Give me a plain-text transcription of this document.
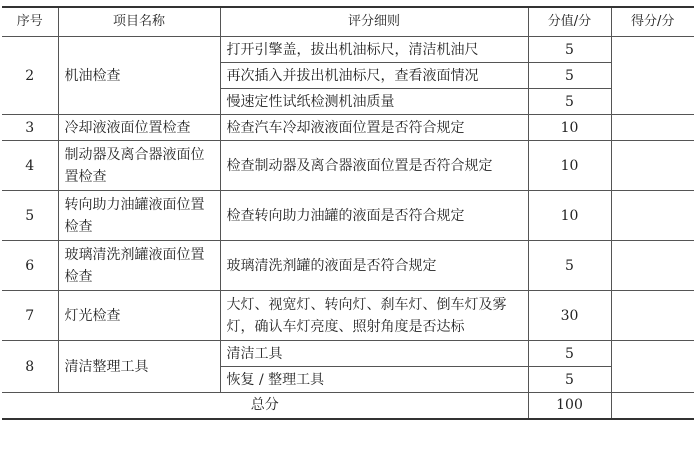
序号	项目名称	评分细则	分值/分	得分/分
2	机油检查	打开引擎盖，拔出机油标尺，清洁机油尺	5	
		再次插入并拔出机油标尺，查看液面情况	5	
		慢速定性试纸检测机油质量	5	
3	冷却液液面位置检查	检查汽车冷却液液面位置是否符合规定	10	
4	制动器及离合器液面位置检查	检查制动器及离合器液面位置是否符合规定	10	
5	转向助力油罐液面位置检查	检查转向助力油罐的液面是否符合规定	10	
6	玻璃清洗剂罐液面位置检查	玻璃清洗剂罐的液面是否符合规定	5	
7	灯光检查	大灯、视宽灯、转向灯、刹车灯、倒车灯及雾灯，确认车灯亮度、照射角度是否达标	30	
8	清洁整理工具	清洁工具	5	
		恢复 / 整理工具	5	
总分			100	
